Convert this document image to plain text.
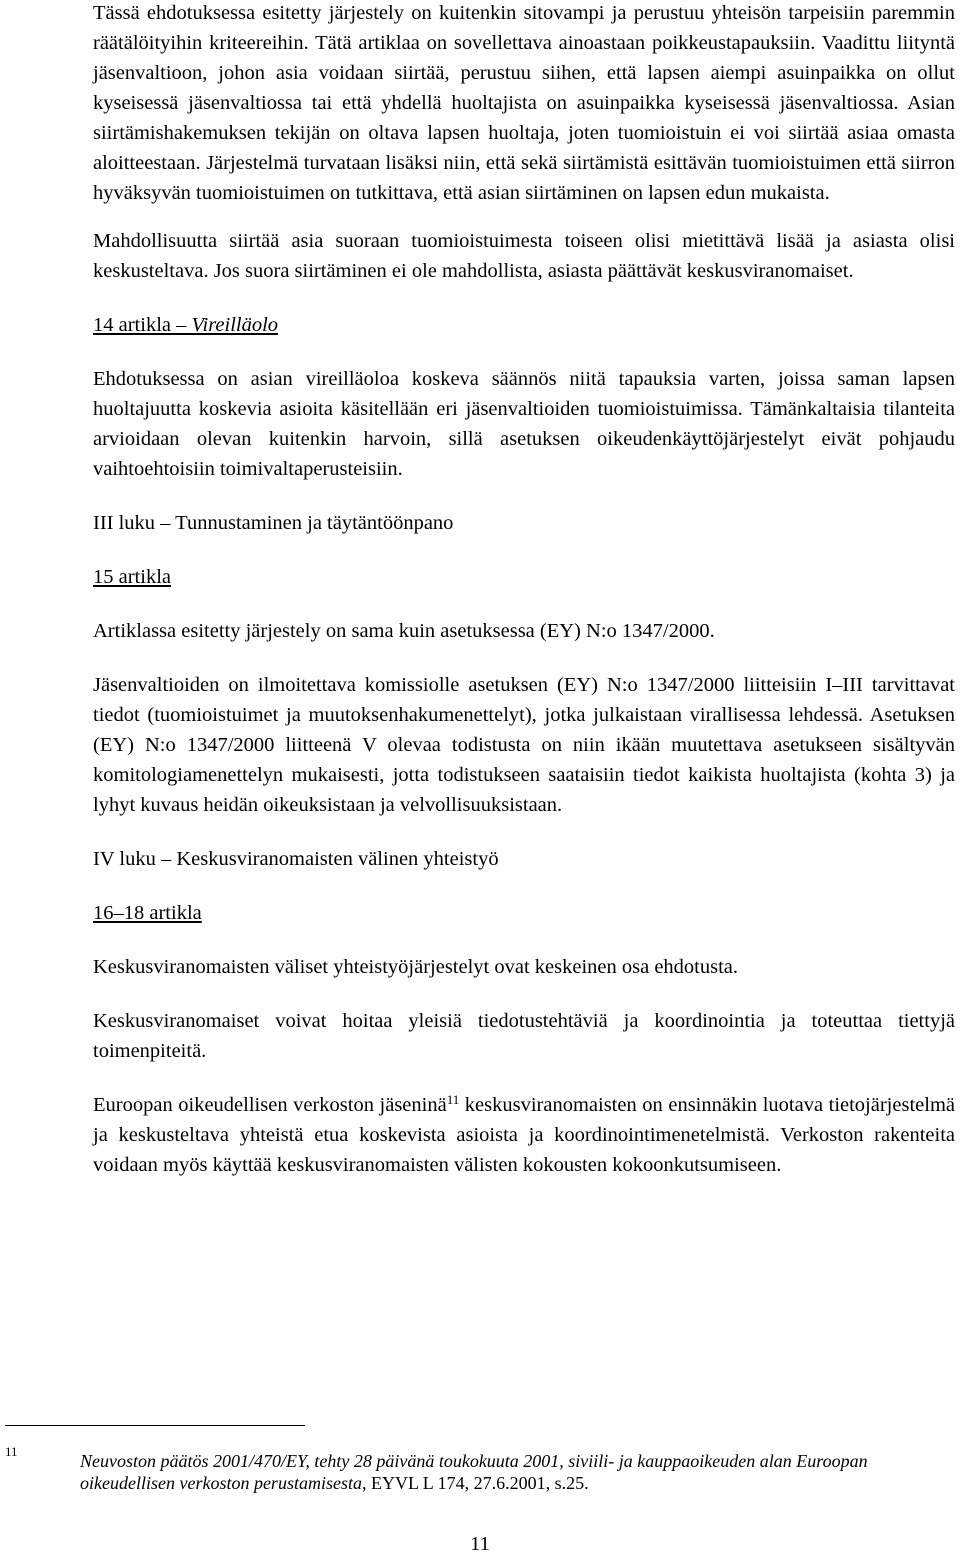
Tässä ehdotuksessa esitetty järjestely on kuitenkin sitovampi ja perustuu yhteisön tarpeisiin paremmin räätälöityihin kriteereihin. Tätä artiklaa on sovellettava ainoastaan poikkeustapauksiin. Vaadittu liityntä jäsenvaltioon, johon asia voidaan siirtää, perustuu siihen, että lapsen aiempi asuinpaikka on ollut kyseisessä jäsenvaltiossa tai että yhdellä huoltajista on asuinpaikka kyseisessä jäsenvaltiossa. Asian siirtämishakemuksen tekijän on oltava lapsen huoltaja, joten tuomioistuin ei voi siirtää asiaa omasta aloitteestaan. Järjestelmä turvataan lisäksi niin, että sekä siirtämistä esittävän tuomioistuimen että siirron hyväksyvän tuomioistuimen on tutkittava, että asian siirtäminen on lapsen edun mukaista.

Mahdollisuutta siirtää asia suoraan tuomioistuimesta toiseen olisi mietittävä lisää ja asiasta olisi keskusteltava. Jos suora siirtäminen ei ole mahdollista, asiasta päättävät keskusviranomaiset.

14 artikla – Vireilläolo

Ehdotuksessa on asian vireilläoloa koskeva säännös niitä tapauksia varten, joissa saman lapsen huoltajuutta koskevia asioita käsitellään eri jäsenvaltioiden tuomioistuimissa. Tämänkaltaisia tilanteita arvioidaan olevan kuitenkin harvoin, sillä asetuksen oikeudenkäyttöjärjestelyt eivät pohjaudu vaihtoehtoisiin toimivaltaperusteisiin.

III luku – Tunnustaminen ja täytäntöönpano

15 artikla

Artiklassa esitetty järjestely on sama kuin asetuksessa (EY) N:o 1347/2000.

Jäsenvaltioiden on ilmoitettava komissiolle asetuksen (EY) N:o 1347/2000 liitteisiin I–III tarvittavat tiedot (tuomioistuimet ja muutoksenhakumenettelyt), jotka julkaistaan virallisessa lehdessä. Asetuksen (EY) N:o 1347/2000 liitteenä V olevaa todistusta on niin ikään muutettava asetukseen sisältyvän komitologiamenettelyn mukaisesti, jotta todistukseen saataisiin tiedot kaikista huoltajista (kohta 3) ja lyhyt kuvaus heidän oikeuksistaan ja velvollisuuksistaan.

IV luku – Keskusviranomaisten välinen yhteistyö

16–18 artikla

Keskusviranomaisten väliset yhteistyöjärjestelyt ovat keskeinen osa ehdotusta.

Keskusviranomaiset voivat hoitaa yleisiä tiedotustehtäviä ja koordinointia ja toteuttaa tiettyjä toimenpiteitä.

Euroopan oikeudellisen verkoston jäseninä$^{11}$ keskusviranomaisten on ensinnäkin luotava tietojärjestelmä ja keskusteltava yhteistä etua koskevista asioista ja koordinointimenetelmistä. Verkoston rakenteita voidaan myös käyttää keskusviranomaisten välisten kokousten kokoonkutsumiseen.

11	Neuvoston päätös 2001/470/EY, tehty 28 päivänä toukokuuta 2001, siviili- ja kauppaoikeuden alan Euroopan oikeudellisen verkoston perustamisesta, EYVL L 174, 27.6.2001, s.25.
11
